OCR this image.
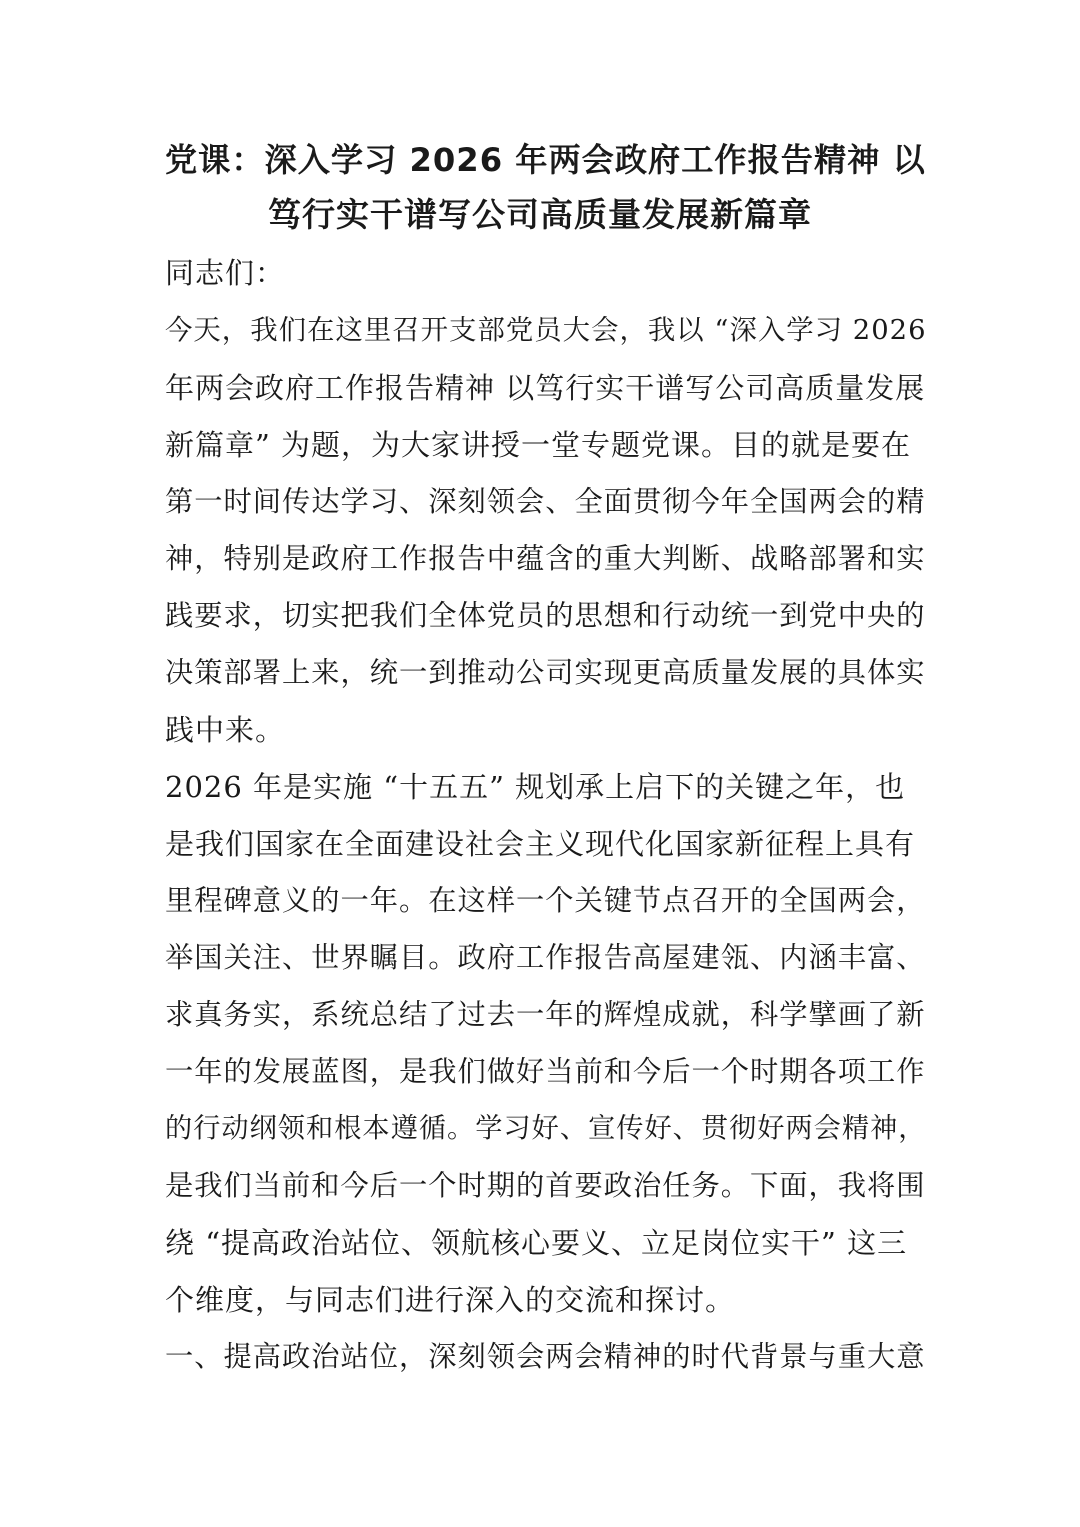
党课：深入学习 2026 年两会政府工作报告精神 以
笃行实干谱写公司高质量发展新篇章
同志们：
今天，我们在这里召开支部党员大会，我以 “深入学习 2026
年两会政府工作报告精神 以笃行实干谱写公司高质量发展
新篇章” 为题，为大家讲授一堂专题党课。目的就是要在
第一时间传达学习、深刻领会、全面贯彻今年全国两会的精
神，特别是政府工作报告中蕴含的重大判断、战略部署和实
践要求，切实把我们全体党员的思想和行动统一到党中央的
决策部署上来，统一到推动公司实现更高质量发展的具体实
践中来。
2026 年是实施 “十五五” 规划承上启下的关键之年，也
是我们国家在全面建设社会主义现代化国家新征程上具有
里程碑意义的一年。在这样一个关键节点召开的全国两会，
举国关注、世界瞩目。政府工作报告高屋建瓴、内涵丰富、
求真务实，系统总结了过去一年的辉煌成就，科学擘画了新
一年的发展蓝图，是我们做好当前和今后一个时期各项工作
的行动纲领和根本遵循。学习好、宣传好、贯彻好两会精神，
是我们当前和今后一个时期的首要政治任务。下面，我将围
绕 “提高政治站位、领航核心要义、立足岗位实干” 这三
个维度，与同志们进行深入的交流和探讨。
一、提高政治站位，深刻领会两会精神的时代背景与重大意
